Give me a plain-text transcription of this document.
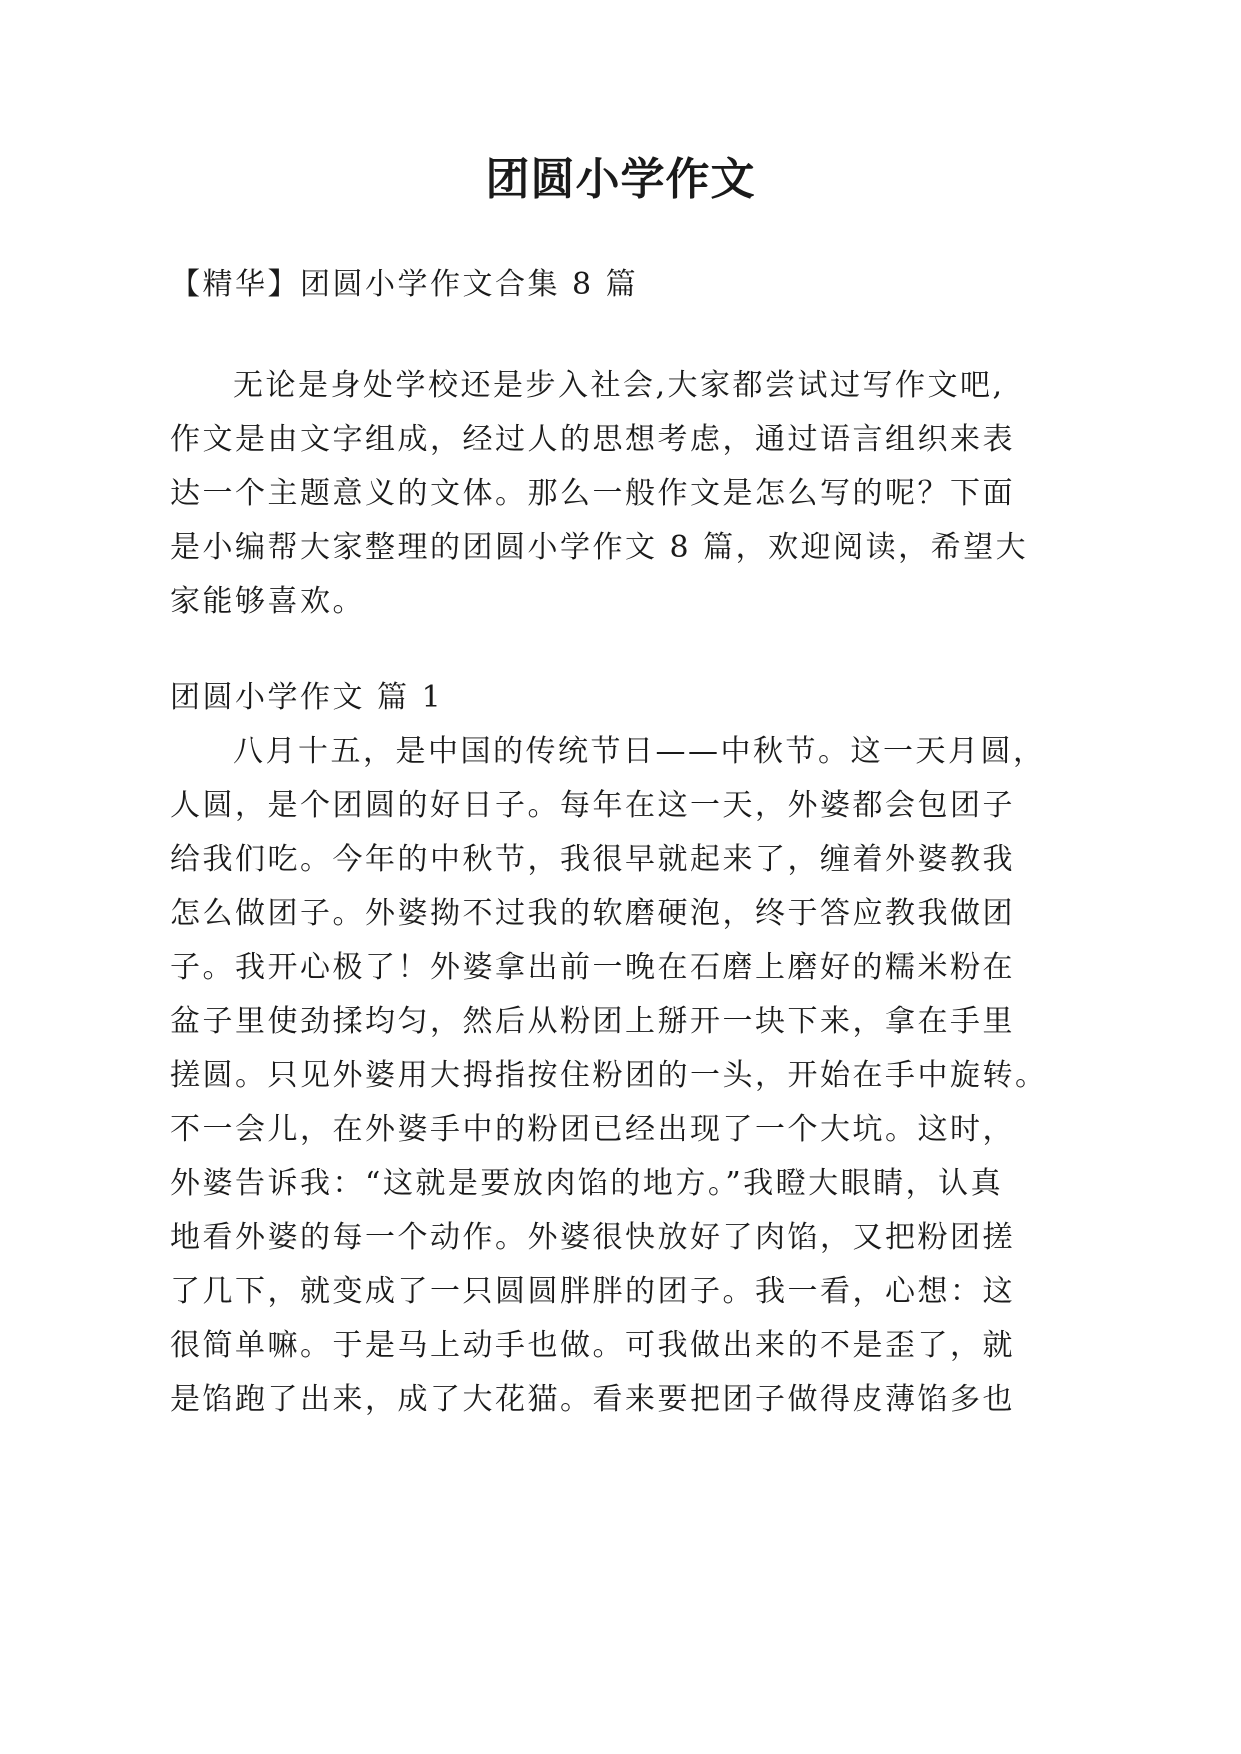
团圆小学作文
【精华】团圆小学作文合集 8 篇
无论是身处学校还是步入社会,大家都尝试过写作文吧,
作文是由文字组成，经过人的思想考虑，通过语言组织来表
达一个主题意义的文体。那么一般作文是怎么写的呢？下面
是小编帮大家整理的团圆小学作文 8 篇，欢迎阅读，希望大
家能够喜欢。
团圆小学作文 篇 1
八月十五，是中国的传统节日——中秋节。这一天月圆，
人圆，是个团圆的好日子。每年在这一天，外婆都会包团子
给我们吃。今年的中秋节，我很早就起来了，缠着外婆教我
怎么做团子。外婆拗不过我的软磨硬泡，终于答应教我做团
子。我开心极了！外婆拿出前一晚在石磨上磨好的糯米粉在
盆子里使劲揉均匀，然后从粉团上掰开一块下来，拿在手里
搓圆。只见外婆用大拇指按住粉团的一头，开始在手中旋转。
不一会儿，在外婆手中的粉团已经出现了一个大坑。这时，
外婆告诉我：“这就是要放肉馅的地方。”我瞪大眼睛，认真
地看外婆的每一个动作。外婆很快放好了肉馅，又把粉团搓
了几下，就变成了一只圆圆胖胖的团子。我一看，心想：这
很简单嘛。于是马上动手也做。可我做出来的不是歪了，就
是馅跑了出来，成了大花猫。看来要把团子做得皮薄馅多也
